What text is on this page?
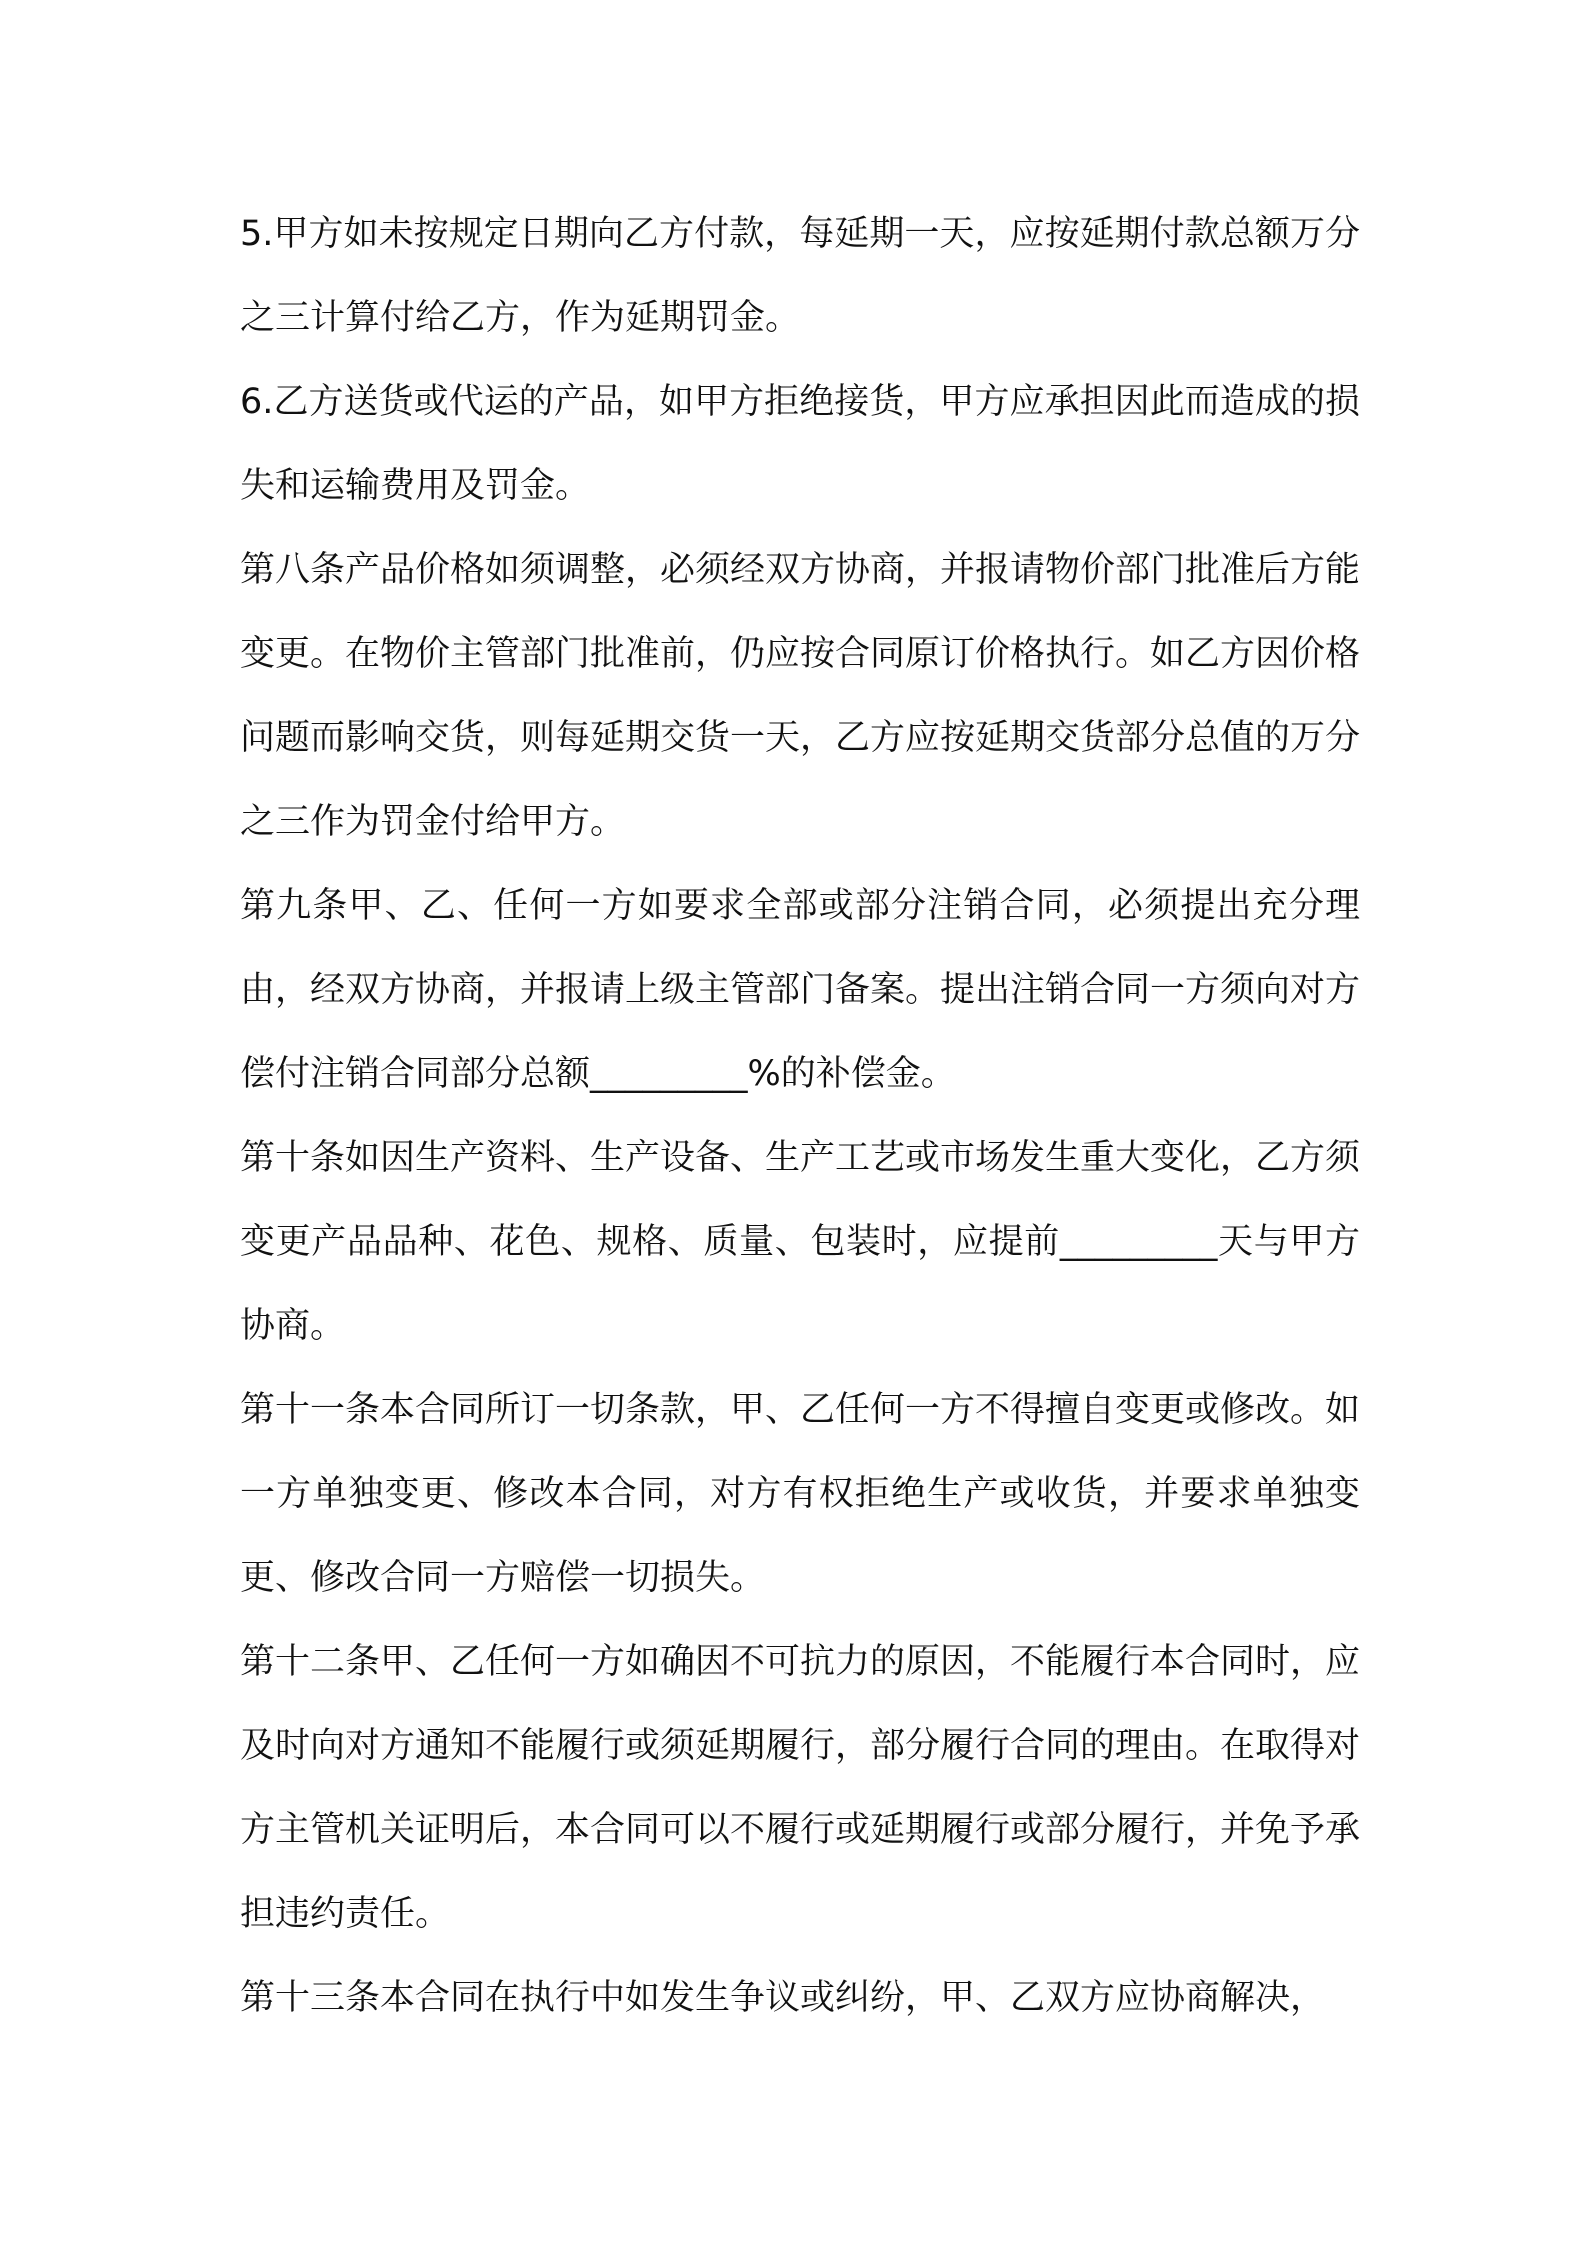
5.甲方如未按规定日期向乙方付款，每延期一天，应按延期付款总额万分之三计算付给乙方，作为延期罚金。

6.乙方送货或代运的产品，如甲方拒绝接货，甲方应承担因此而造成的损失和运输费用及罚金。

第八条产品价格如须调整，必须经双方协商，并报请物价部门批准后方能变更。在物价主管部门批准前，仍应按合同原订价格执行。如乙方因价格问题而影响交货，则每延期交货一天，乙方应按延期交货部分总值的万分之三作为罚金付给甲方。

第九条甲、乙、任何一方如要求全部或部分注销合同，必须提出充分理由，经双方协商，并报请上级主管部门备案。提出注销合同一方须向对方偿付注销合同部分总额_________%的补偿金。

第十条如因生产资料、生产设备、生产工艺或市场发生重大变化，乙方须变更产品品种、花色、规格、质量、包装时，应提前_________天与甲方协商。

第十一条本合同所订一切条款，甲、乙任何一方不得擅自变更或修改。如一方单独变更、修改本合同，对方有权拒绝生产或收货，并要求单独变更、修改合同一方赔偿一切损失。

第十二条甲、乙任何一方如确因不可抗力的原因，不能履行本合同时，应及时向对方通知不能履行或须延期履行，部分履行合同的理由。在取得对方主管机关证明后，本合同可以不履行或延期履行或部分履行，并免予承担违约责任。

第十三条本合同在执行中如发生争议或纠纷，甲、乙双方应协商解决，
